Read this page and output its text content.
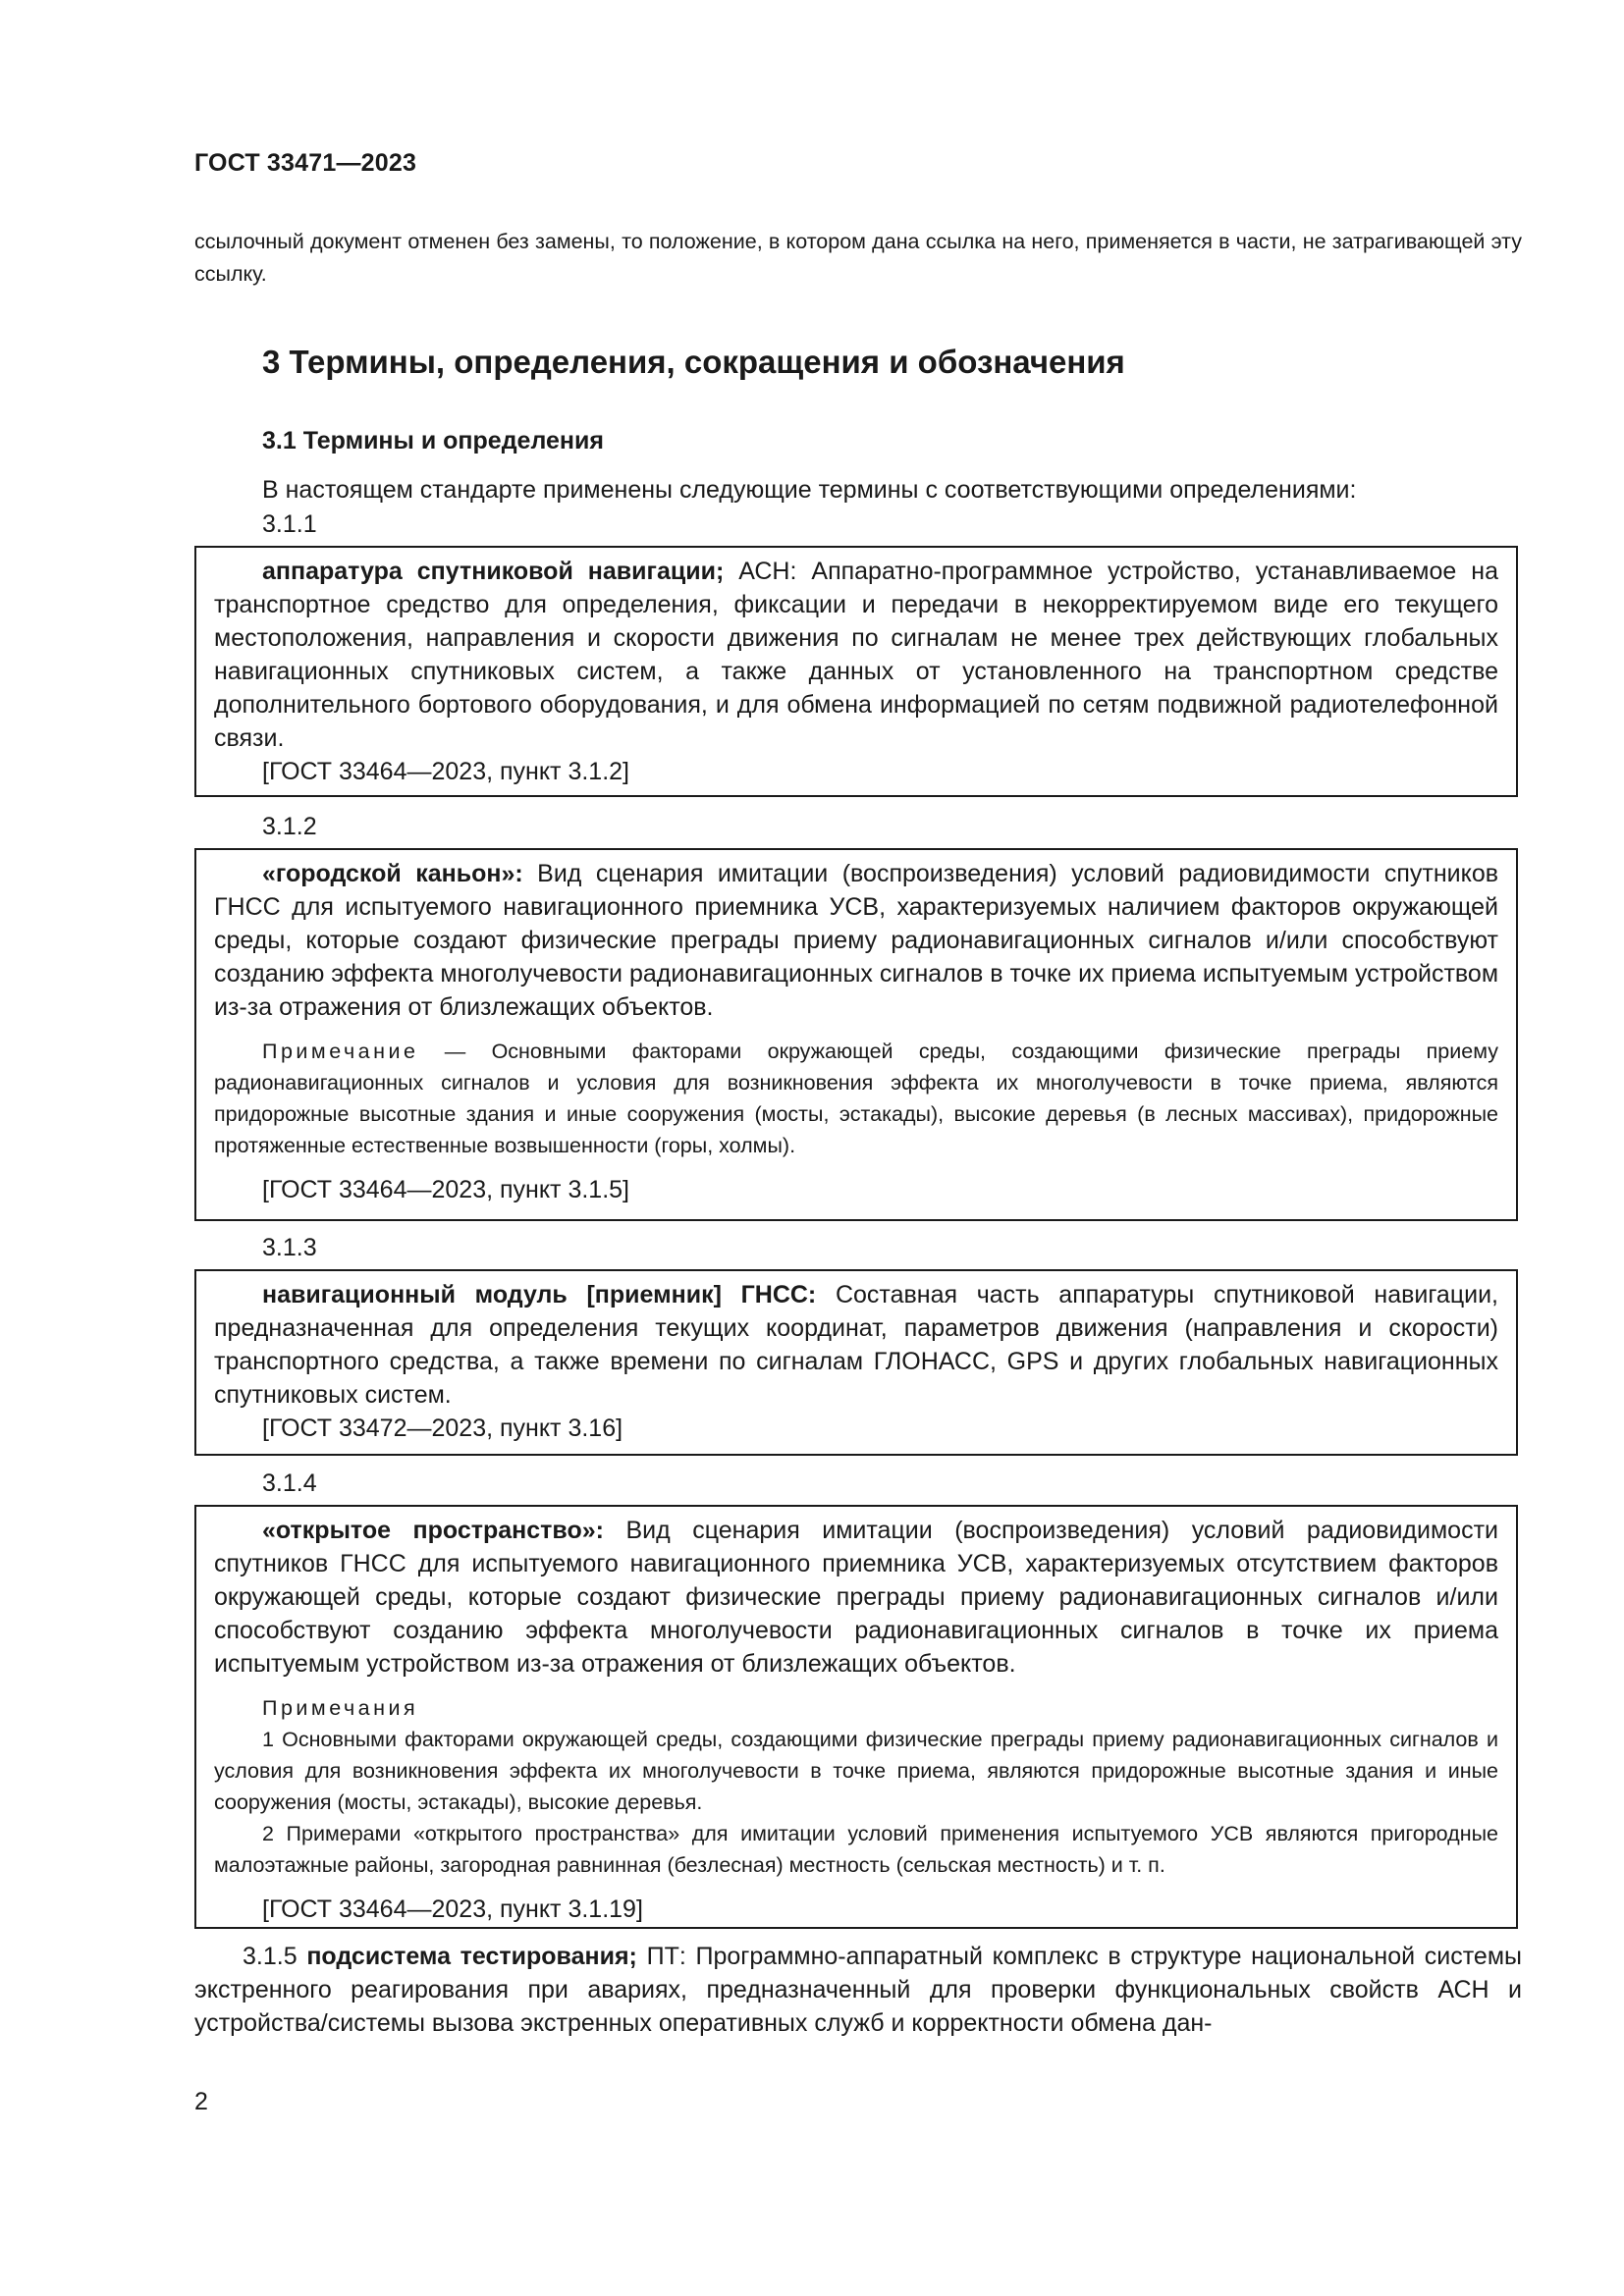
ГОСТ 33471—2023
ссылочный документ отменен без замены, то положение, в котором дана ссылка на него, применяется в части, не затрагивающей эту ссылку.
3 Термины, определения, сокращения и обозначения
3.1 Термины и определения
В настоящем стандарте применены следующие термины с соответствующими определениями:
3.1.1
аппаратура спутниковой навигации; АСН: Аппаратно-программное устройство, устанавливаемое на транспортное средство для определения, фиксации и передачи в некорректируемом виде его текущего местоположения, направления и скорости движения по сигналам не менее трех действующих глобальных навигационных спутниковых систем, а также данных от установленного на транспортном средстве дополнительного бортового оборудования, и для обмена информацией по сетям подвижной радиотелефонной связи.
[ГОСТ 33464—2023, пункт 3.1.2]
3.1.2
«городской каньон»: Вид сценария имитации (воспроизведения) условий радиовидимости спутников ГНСС для испытуемого навигационного приемника УСВ, характеризуемых наличием факторов окружающей среды, которые создают физические преграды приему радионавигационных сигналов и/или способствуют созданию эффекта многолучевости радионавигационных сигналов в точке их приема испытуемым устройством из-за отражения от близлежащих объектов.
Примечание — Основными факторами окружающей среды, создающими физические преграды приему радионавигационных сигналов и условия для возникновения эффекта их многолучевости в точке приема, являются придорожные высотные здания и иные сооружения (мосты, эстакады), высокие деревья (в лесных массивах), придорожные протяженные естественные возвышенности (горы, холмы).
[ГОСТ 33464—2023, пункт 3.1.5]
3.1.3
навигационный модуль [приемник] ГНСС: Составная часть аппаратуры спутниковой навигации, предназначенная для определения текущих координат, параметров движения (направления и скорости) транспортного средства, а также времени по сигналам ГЛОНАСС, GPS и других глобальных навигационных спутниковых систем.
[ГОСТ 33472—2023, пункт 3.16]
3.1.4
«открытое пространство»: Вид сценария имитации (воспроизведения) условий радиовидимости спутников ГНСС для испытуемого навигационного приемника УСВ, характеризуемых отсутствием факторов окружающей среды, которые создают физические преграды приему радионавигационных сигналов и/или способствуют созданию эффекта многолучевости радионавигационных сигналов в точке их приема испытуемым устройством из-за отражения от близлежащих объектов.
Примечания
1 Основными факторами окружающей среды, создающими физические преграды приему радионавигационных сигналов и условия для возникновения эффекта их многолучевости в точке приема, являются придорожные высотные здания и иные сооружения (мосты, эстакады), высокие деревья.
2 Примерами «открытого пространства» для имитации условий применения испытуемого УСВ являются пригородные малоэтажные районы, загородная равнинная (безлесная) местность (сельская местность) и т. п.
[ГОСТ 33464—2023, пункт 3.1.19]
3.1.5 подсистема тестирования; ПТ: Программно-аппаратный комплекс в структуре национальной системы экстренного реагирования при авариях, предназначенный для проверки функциональных свойств АСН и устройства/системы вызова экстренных оперативных служб и корректности обмена дан-
2
